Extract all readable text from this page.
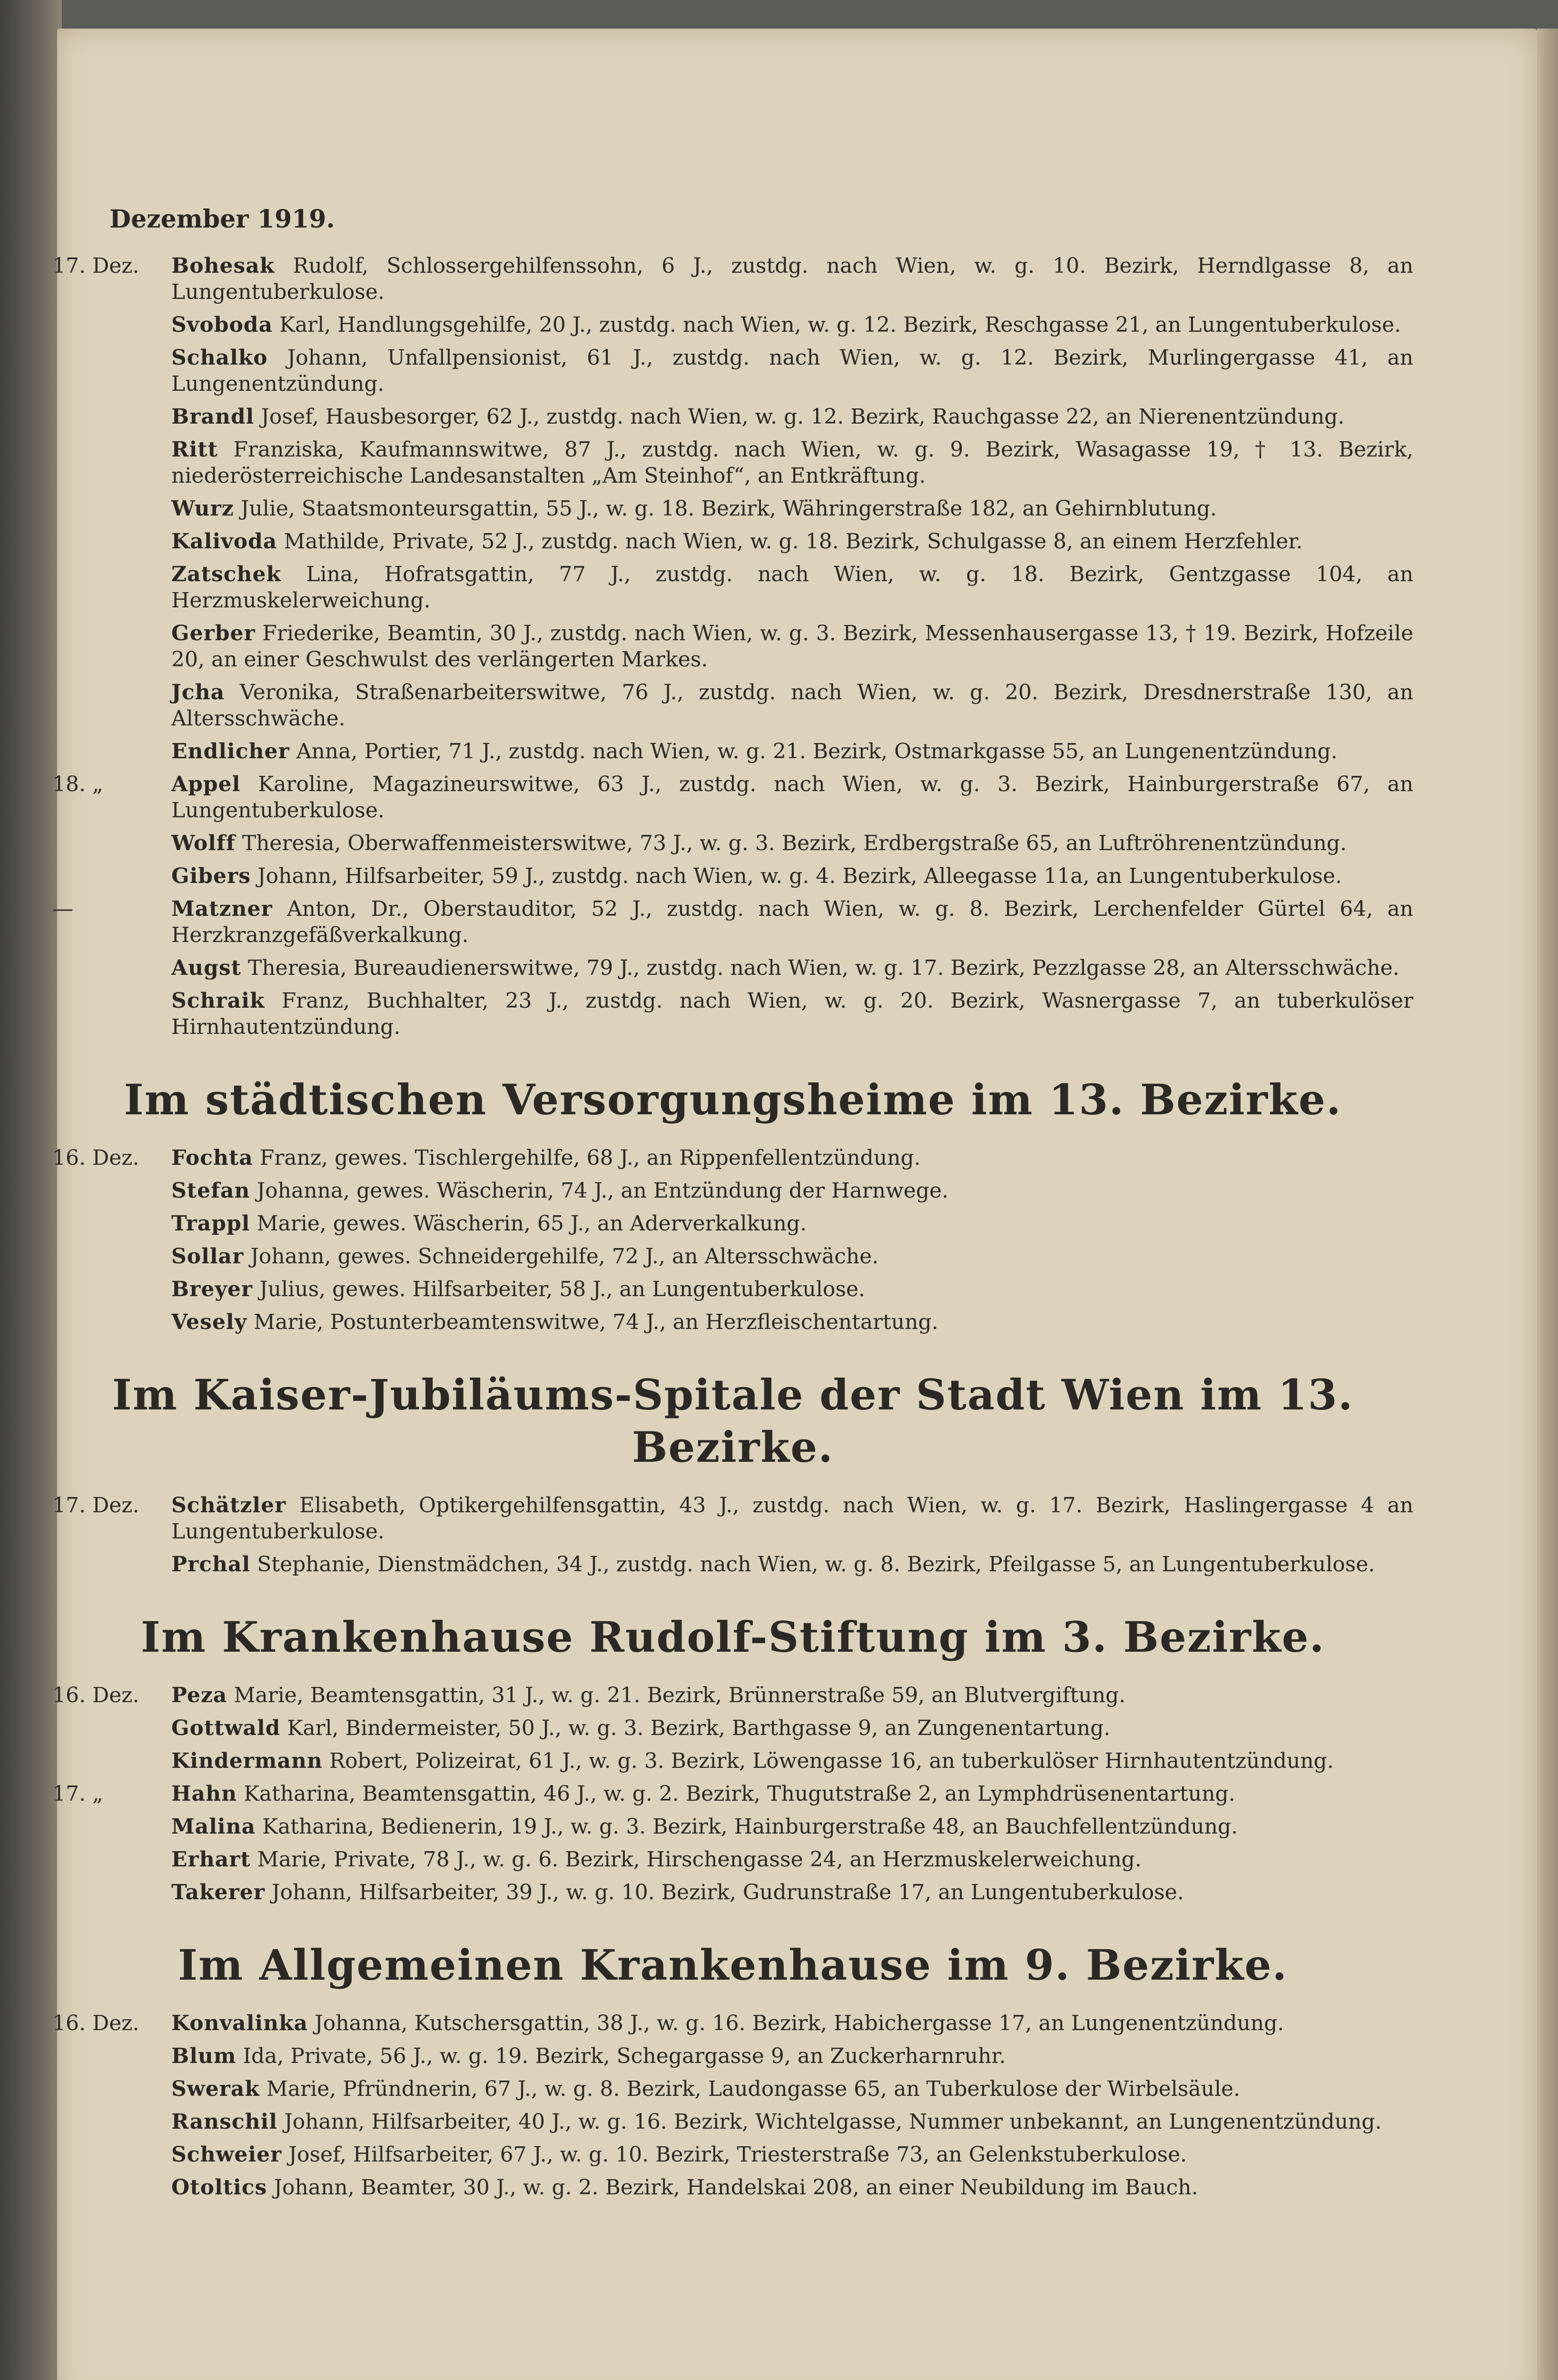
Dezember 1919.
17. Dez.	Bohesak Rudolf, Schlossergehilfenssohn, 6 J., zustdg. nach Wien, w. g. 10. Bezirk, Herndlgasse 8, an Lungentuberkulose.
Svoboda Karl, Handlungsgehilfe, 20 J., zustdg. nach Wien, w. g. 12. Bezirk, Reschgasse 21, an Lungentuberkulose.
Schalko Johann, Unfallpensionist, 61 J., zustdg. nach Wien, w. g. 12. Bezirk, Murlingergasse 41, an Lungenentzündung.
Brandl Josef, Hausbesorger, 62 J., zustdg. nach Wien, w. g. 12. Bezirk, Rauchgasse 22, an Nierenentzündung.
Ritt Franziska, Kaufmannswitwe, 87 J., zustdg. nach Wien, w. g. 9. Bezirk, Wasagasse 19, † 13. Bezirk, niederösterreichische Landesanstalten „Am Steinhof“, an Entkräftung.
Wurz Julie, Staatsmonteursgattin, 55 J., w. g. 18. Bezirk, Währingerstraße 182, an Gehirnblutung.
Kalivoda Mathilde, Private, 52 J., zustdg. nach Wien, w. g. 18. Bezirk, Schulgasse 8, an einem Herzfehler.
Zatschek Lina, Hofratsgattin, 77 J., zustdg. nach Wien, w. g. 18. Bezirk, Gentzgasse 104, an Herzmuskelerweichung.
Gerber Friederike, Beamtin, 30 J., zustdg. nach Wien, w. g. 3. Bezirk, Messenhausergasse 13, † 19. Bezirk, Hofzeile 20, an einer Geschwulst des verlängerten Markes.
Jcha Veronika, Straßenarbeiterswitwe, 76 J., zustdg. nach Wien, w. g. 20. Bezirk, Dresdnerstraße 130, an Altersschwäche.
Endlicher Anna, Portier, 71 J., zustdg. nach Wien, w. g. 21. Bezirk, Ostmarkgasse 55, an Lungenentzündung.
18. „	Appel Karoline, Magazineurswitwe, 63 J., zustdg. nach Wien, w. g. 3. Bezirk, Hainburgerstraße 67, an Lungentuberkulose.
Wolff Theresia, Oberwaffenmeisterswitwe, 73 J., w. g. 3. Bezirk, Erdbergstraße 65, an Luftröhrenentzündung.
Gibers Johann, Hilfsarbeiter, 59 J., zustdg. nach Wien, w. g. 4. Bezirk, Alleegasse 11a, an Lungentuberkulose.
—	Matzner Anton, Dr., Oberstauditor, 52 J., zustdg. nach Wien, w. g. 8. Bezirk, Lerchenfelder Gürtel 64, an Herzkranzgefäßverkalkung.
Augst Theresia, Bureaudienerswitwe, 79 J., zustdg. nach Wien, w. g. 17. Bezirk, Pezzlgasse 28, an Altersschwäche.
Schraik Franz, Buchhalter, 23 J., zustdg. nach Wien, w. g. 20. Bezirk, Wasnergasse 7, an tuberkulöser Hirnhautentzündung.
Im städtischen Versorgungsheime im 13. Bezirke.
16. Dez.	Fochta Franz, gewes. Tischlergehilfe, 68 J., an Rippenfellentzündung.
Stefan Johanna, gewes. Wäscherin, 74 J., an Entzündung der Harnwege.
Trappl Marie, gewes. Wäscherin, 65 J., an Aderverkalkung.
Sollar Johann, gewes. Schneidergehilfe, 72 J., an Altersschwäche.
Breyer Julius, gewes. Hilfsarbeiter, 58 J., an Lungentuberkulose.
Vesely Marie, Postunterbeamtenswitwe, 74 J., an Herzfleischentartung.
Im Kaiser-Jubiläums-Spitale der Stadt Wien im 13. Bezirke.
17. Dez.	Schätzler Elisabeth, Optikergehilfensgattin, 43 J., zustdg. nach Wien, w. g. 17. Bezirk, Haslingergasse 4 an Lungentuberkulose.
Prchal Stephanie, Dienstmädchen, 34 J., zustdg. nach Wien, w. g. 8. Bezirk, Pfeilgasse 5, an Lungentuberkulose.
Im Krankenhause Rudolf-Stiftung im 3. Bezirke.
16. Dez.	Peza Marie, Beamtensgattin, 31 J., w. g. 21. Bezirk, Brünnerstraße 59, an Blutvergiftung.
Gottwald Karl, Bindermeister, 50 J., w. g. 3. Bezirk, Barthgasse 9, an Zungenentartung.
Kindermann Robert, Polizeirat, 61 J., w. g. 3. Bezirk, Löwengasse 16, an tuberkulöser Hirnhautentzündung.
17. „	Hahn Katharina, Beamtensgattin, 46 J., w. g. 2. Bezirk, Thugutstraße 2, an Lymphdrüsenentartung.
Malina Katharina, Bedienerin, 19 J., w. g. 3. Bezirk, Hainburgerstraße 48, an Bauchfellentzündung.
Erhart Marie, Private, 78 J., w. g. 6. Bezirk, Hirschengasse 24, an Herzmuskelerweichung.
Takerer Johann, Hilfsarbeiter, 39 J., w. g. 10. Bezirk, Gudrunstraße 17, an Lungentuberkulose.
Im Allgemeinen Krankenhause im 9. Bezirke.
16. Dez.	Konvalinka Johanna, Kutschersgattin, 38 J., w. g. 16. Bezirk, Habichergasse 17, an Lungenentzündung.
Blum Ida, Private, 56 J., w. g. 19. Bezirk, Schegargasse 9, an Zuckerharnruhr.
Swerak Marie, Pfründnerin, 67 J., w. g. 8. Bezirk, Laudongasse 65, an Tuberkulose der Wirbelsäule.
Ranschil Johann, Hilfsarbeiter, 40 J., w. g. 16. Bezirk, Wichtelgasse, Nummer unbekannt, an Lungenentzündung.
Schweier Josef, Hilfsarbeiter, 67 J., w. g. 10. Bezirk, Triesterstraße 73, an Gelenkstuberkulose.
Otoltics Johann, Beamter, 30 J., w. g. 2. Bezirk, Handelskai 208, an einer Neubildung im Bauch.
